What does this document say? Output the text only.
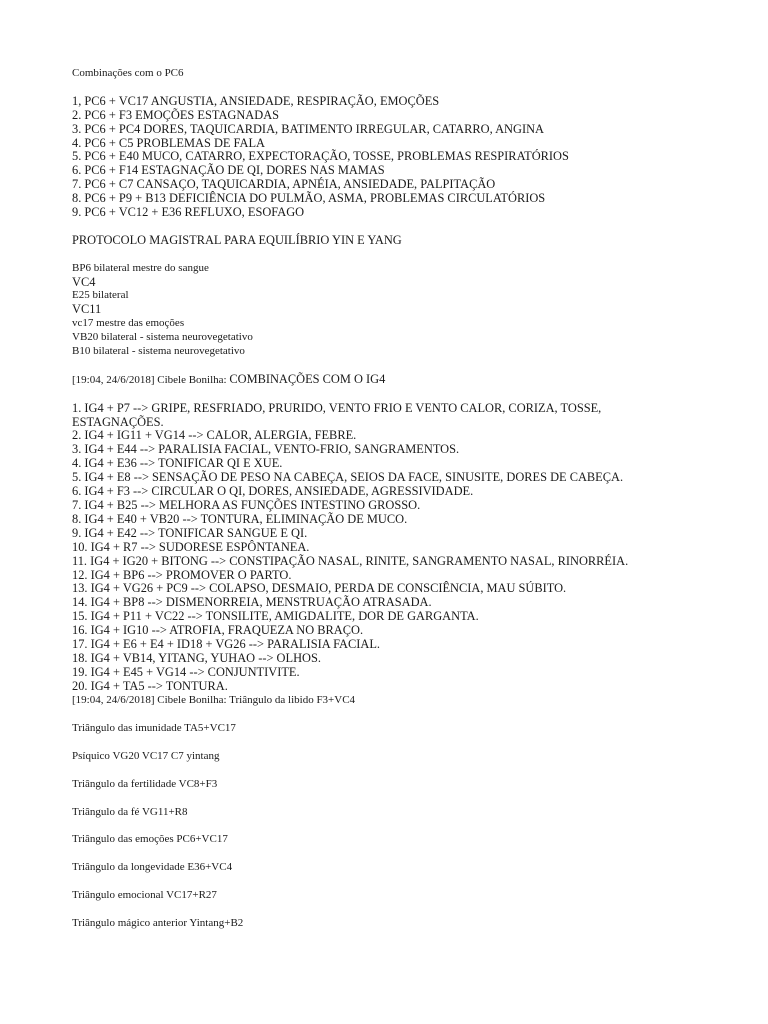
Combinações com o PC6
1, PC6 + VC17 ANGUSTIA, ANSIEDADE, RESPIRAÇÃO, EMOÇÕES
2. PC6 + F3 EMOÇÕES ESTAGNADAS
3. PC6 + PC4 DORES, TAQUICARDIA, BATIMENTO IRREGULAR, CATARRO, ANGINA
4. PC6 + C5 PROBLEMAS DE FALA
5. PC6 + E40 MUCO, CATARRO, EXPECTORAÇÃO, TOSSE, PROBLEMAS RESPIRATÓRIOS
6. PC6 + F14 ESTAGNAÇÃO DE QI, DORES NAS MAMAS
7. PC6 + C7 CANSAÇO, TAQUICARDIA, APNÉIA, ANSIEDADE, PALPITAÇÃO
8. PC6 + P9 + B13 DEFICIÊNCIA DO PULMÃO, ASMA, PROBLEMAS CIRCULATÓRIOS
9. PC6 + VC12 + E36 REFLUXO, ESOFAGO
PROTOCOLO MAGISTRAL PARA EQUILÍBRIO YIN E YANG
BP6 bilateral mestre do sangue
VC4
E25 bilateral
VC11
vc17 mestre das emoções
VB20 bilateral - sistema neurovegetativo
B10 bilateral - sistema neurovegetativo
[19:04, 24/6/2018] Cibele Bonilha: COMBINAÇÕES COM O IG4
1. IG4 + P7 --> GRIPE, RESFRIADO, PRURIDO, VENTO FRIO E VENTO CALOR, CORIZA, TOSSE,
ESTAGNAÇÕES.
2. IG4 + IG11 + VG14 --> CALOR, ALERGIA, FEBRE.
3. IG4 + E44 --> PARALISIA FACIAL, VENTO-FRIO, SANGRAMENTOS.
4. IG4 + E36 --> TONIFICAR QI E XUE.
5. IG4 + E8 --> SENSAÇÃO DE PESO NA CABEÇA, SEIOS DA FACE, SINUSITE, DORES DE CABEÇA.
6. IG4 + F3 --> CIRCULAR O QI, DORES, ANSIEDADE, AGRESSIVIDADE.
7. IG4 + B25 --> MELHORA AS FUNÇÕES INTESTINO GROSSO.
8. IG4 + E40 + VB20 --> TONTURA, ELIMINAÇÃO DE MUCO.
9. IG4 + E42 --> TONIFICAR SANGUE E QI.
10. IG4 + R7 --> SUDORESE ESPÔNTANEA.
11. IG4 + IG20 + BITONG --> CONSTIPAÇÃO NASAL, RINITE, SANGRAMENTO NASAL, RINORRÉIA.
12. IG4 + BP6 --> PROMOVER O PARTO.
13. IG4 + VG26 + PC9 --> COLAPSO, DESMAIO, PERDA DE CONSCIÊNCIA, MAU SÚBITO.
14. IG4 + BP8 --> DISMENORREIA, MENSTRUAÇÃO ATRASADA.
15. IG4 + P11 + VC22 --> TONSILITE, AMIGDALITE, DOR DE GARGANTA.
16. IG4 + IG10 --> ATROFIA, FRAQUEZA NO BRAÇO.
17. IG4 + E6 + E4 + ID18 + VG26 --> PARALISIA FACIAL.
18. IG4 + VB14, YITANG, YUHAO --> OLHOS.
19. IG4 + E45 + VG14 --> CONJUNTIVITE.
20. IG4 + TA5 --> TONTURA.
[19:04, 24/6/2018] Cibele Bonilha: Triângulo da libido F3+VC4
Triângulo das imunidade TA5+VC17
Psíquico VG20 VC17 C7 yintang
Triângulo da fertilidade VC8+F3
Triângulo da fé VG11+R8
Triângulo das emoções PC6+VC17
Triângulo da longevidade E36+VC4
Triângulo emocional VC17+R27
Triângulo mágico anterior Yintang+B2
